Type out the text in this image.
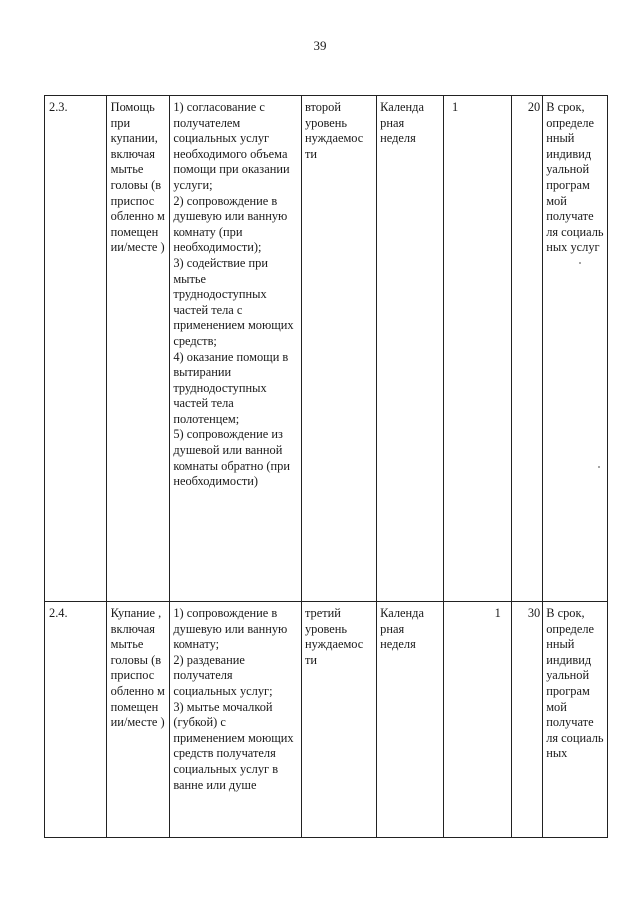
39
2.3.	Помощь при купании, включая мытье головы (в приспос обленно м помещен ии/месте )	1) согласование с получателем социальных услуг необходимого объема помощи при оказании услуги;
2) сопровождение в душевую или ванную комнату (при необходимости);
3) содействие при мытье труднодоступных частей тела с применением моющих средств;
4) оказание помощи в вытирании труднодоступных частей тела полотенцем;
5) сопровождение из душевой или ванной комнаты обратно (при необходимости)	второй уровень нуждаемос ти	Календа рная неделя	1	20	В срок, определе нный индивид уальной програм мой получате ля социаль ных услуг
2.4.	Купание , включая мытье головы (в приспос обленно м помещен ии/месте )	1) сопровождение в душевую или ванную комнату;
2) раздевание получателя социальных услуг;
3) мытье мочалкой (губкой) с применением моющих средств получателя социальных услуг в ванне или душе	третий уровень нуждаемос ти	Календа рная неделя	1	30	В срок, определе нный индивид уальной програм мой получате ля социаль ных
